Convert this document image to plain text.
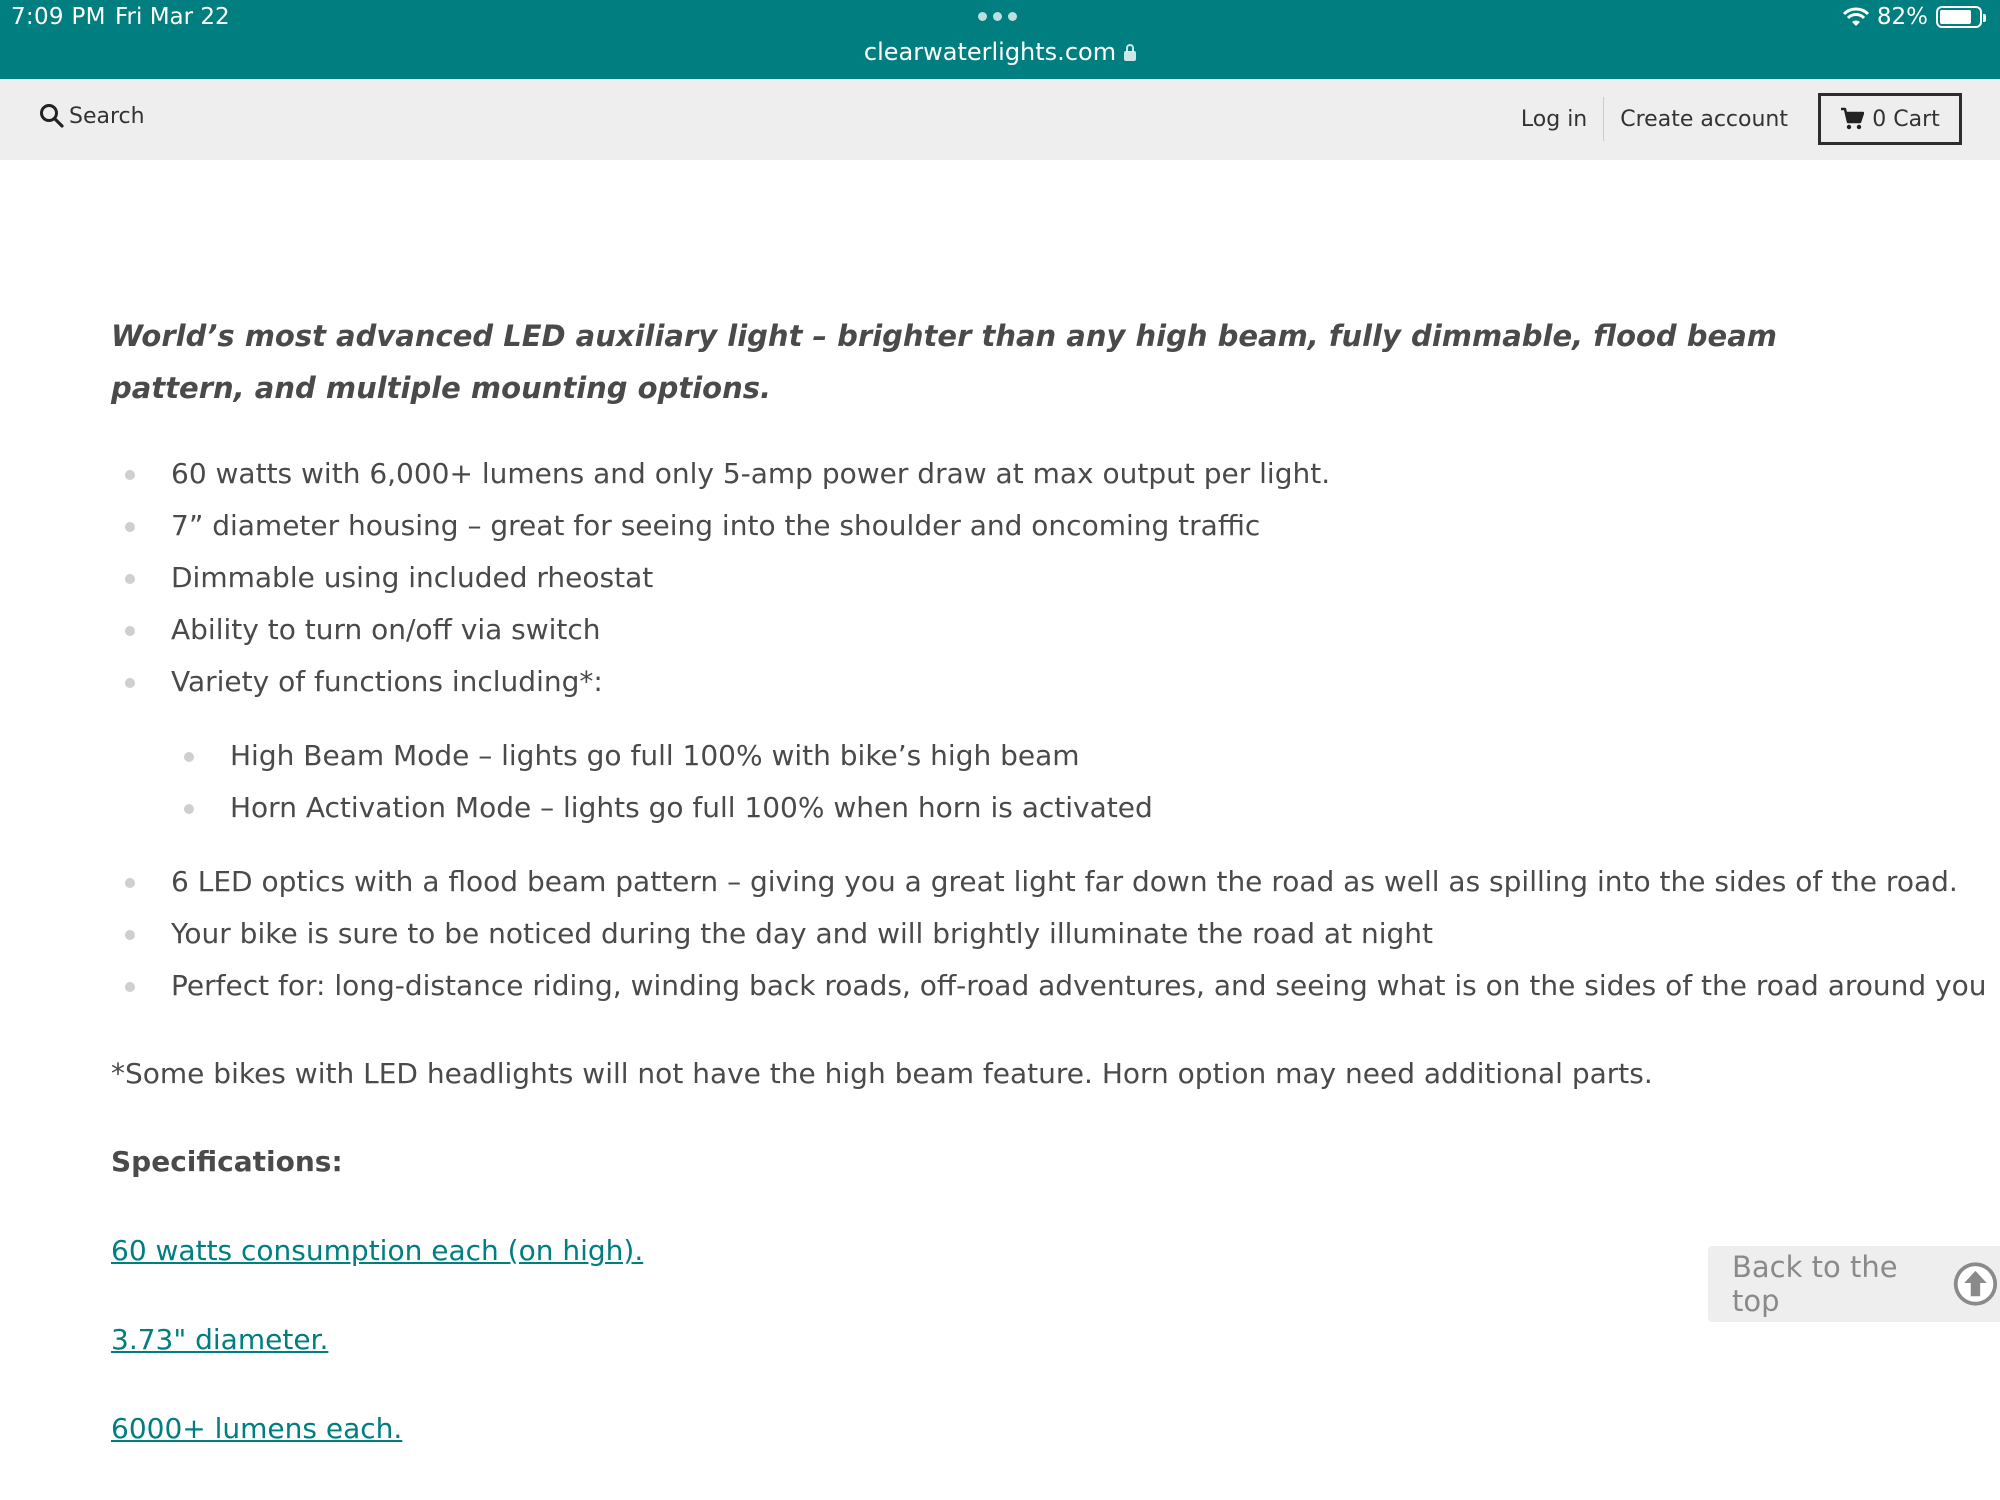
7:09 PM Fri Mar 22	82%
clearwaterlights.com
Search	Log in	Create account	0 Cart

World’s most advanced LED auxiliary light – brighter than any high beam, fully dimmable, flood beam pattern, and multiple mounting options.

60 watts with 6,000+ lumens and only 5-amp power draw at max output per light.
7” diameter housing – great for seeing into the shoulder and oncoming traffic
Dimmable using included rheostat
Ability to turn on/off via switch
Variety of functions including*:
High Beam Mode – lights go full 100% with bike’s high beam
Horn Activation Mode – lights go full 100% when horn is activated
6 LED optics with a flood beam pattern – giving you a great light far down the road as well as spilling into the sides of the road.
Your bike is sure to be noticed during the day and will brightly illuminate the road at night
Perfect for: long-distance riding, winding back roads, off-road adventures, and seeing what is on the sides of the road around you

*Some bikes with LED headlights will not have the high beam feature. Horn option may need additional parts.

Specifications:

60 watts consumption each (on high).
3.73" diameter.
6000+ lumens each.
Back to the top
